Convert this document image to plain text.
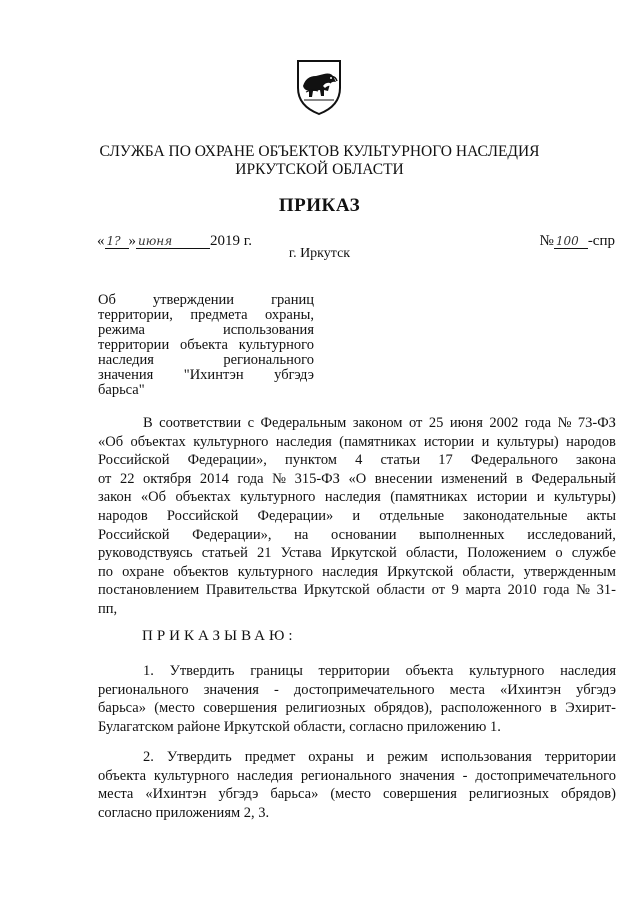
СЛУЖБА ПО ОХРАНЕ ОБЪЕКТОВ КУЛЬТУРНОГО НАСЛЕДИЯ
ИРКУТСКОЙ ОБЛАСТИ
ПРИКАЗ
« 1? » июня	2019 г.	№ 100 -спр
г. Иркутск
Об	утверждении	границ
территории, предмета охраны,
режима	использования
территории объекта культурного
наследия	регионального
значения "Ихинтэн убгэдэ
барьса"
В соответствии с Федеральным законом от 25 июня 2002 года № 73-ФЗ
«Об объектах культурного наследия (памятниках истории и культуры) народов
Российской Федерации», пунктом 4 статьи 17 Федерального закона
от 22 октября 2014 года № 315-ФЗ «О внесении изменений в Федеральный
закон «Об объектах культурного наследия (памятниках истории и культуры)
народов Российской Федерации» и отдельные законодательные акты
Российской Федерации», на основании выполненных исследований,
руководствуясь статьей 21 Устава Иркутской области, Положением о службе
по охране объектов культурного наследия Иркутской области, утвержденным
постановлением Правительства Иркутской области от 9 марта 2010 года № 31-
пп,
ПРИКАЗЫВАЮ:
1. Утвердить границы территории объекта культурного наследия
регионального значения - достопримечательного места «Ихинтэн убгэдэ
барьса» (место совершения религиозных обрядов), расположенного в Эхирит-
Булагатском районе Иркутской области, согласно приложению 1.
2. Утвердить предмет охраны и режим использования территории
объекта культурного наследия регионального значения - достопримечательного
места «Ихинтэн убгэдэ барьса» (место совершения религиозных обрядов)
согласно приложениям 2, 3.
